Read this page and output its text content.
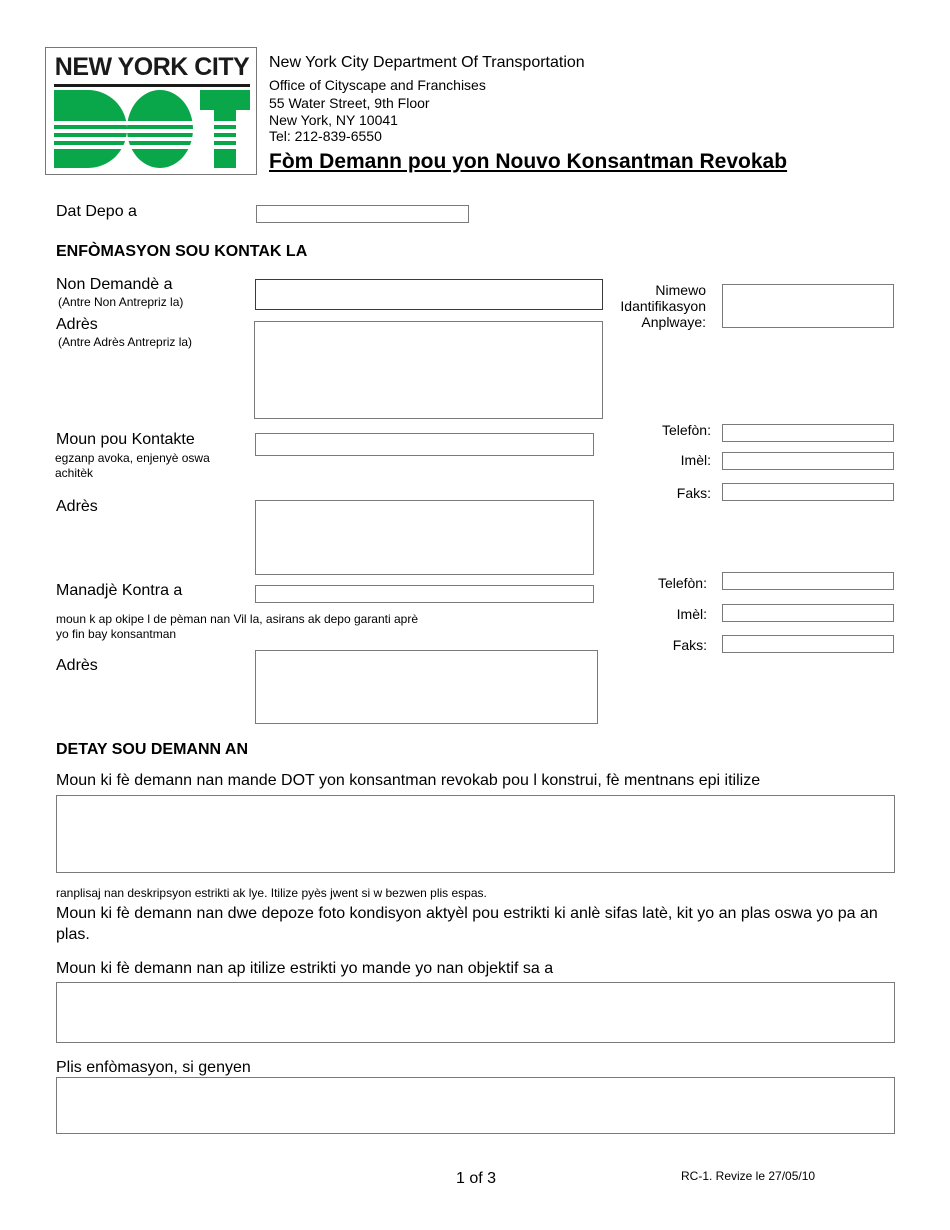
NEW YORK CITY New York City Department Of Transportation
Office of Cityscape and Franchises
55 Water Street, 9th Floor
New York, NY 10041
Tel: 212-839-6550
Fòm Demann pou yon Nouvo Konsantman Revokab
Dat Depo a
ENFÒMASYON SOU KONTAK LA
Non Demandè a
(Antre Non Antrepriz la)
Adrès
(Antre Adrès Antrepriz la)
Nimewo
Idantifikasyon
Anplwaye:
Moun pou Kontakte
egzanp avoka, enjenyè oswa
achitèk
Telefòn:
Imèl:
Faks:
Adrès
Manadjè Kontra a
moun k ap okipe l de pèman nan Vil la, asirans ak depo garanti aprè
yo fin bay konsantman
Telefòn:
Imèl:
Faks:
Adrès
DETAY SOU DEMANN AN
Moun ki fè demann nan mande DOT yon konsantman revokab pou l konstrui, fè mentnans epi itilize
ranplisaj nan deskripsyon estrikti ak lye. Itilize pyès jwent si w bezwen plis espas.
Moun ki fè demann nan dwe depoze foto kondisyon aktyèl pou estrikti ki anlè sifas latè, kit yo an plas oswa yo pa an plas.
Moun ki fè demann nan ap itilize estrikti yo mande yo nan objektif sa a
Plis enfòmasyon, si genyen
1 of 3	RC-1. Revize le 27/05/10
